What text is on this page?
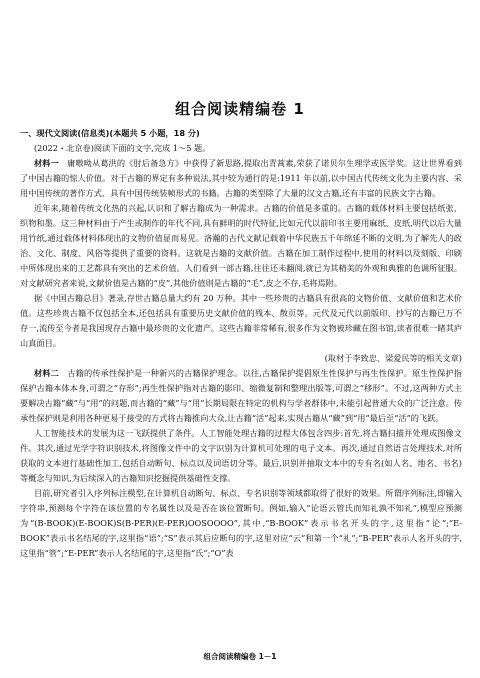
组合阅读精编卷 1
一、现代文阅读(信息类)(本题共 5 小题，18 分)

(2022・北京卷)阅读下面的文字,完成 1～5 题。

材料一　 庸嗷呦从葛洪的《肘后备急方》中获得了新思路,提取出青蒿素,荣获了诺贝尔生理学或医学奖。这让世界看到了中国古籍的惊人价值。对于古籍的界定有多种说法,其中较为通行的是:1911 年以前,以中国古代传统文化为主要内容、采用中国传统的著作方式、具有中国传统装帧形式的书籍。古籍的类型除了大量的汉文古籍,还有丰富的民族文字古籍。

近年来,随着传统文化热的兴起,认识和了解古籍成为一种需求。古籍的价值是多重的。古籍的载体材料主要包括纸张、织物和墨。这三种材料由于产生或制作的年代不同,具有鲜明的时代特征,比如元代以前印书主要用麻纸、皮纸,明代以后大量用竹纸,通过载体材料体现出的文物价值显而易见。洛瀚的古代文献记载着中华民族五千年绵延不断的文明,为了解先人的政治、文化、制度、风俗等提供了重要的资料。这就是古籍的文献价值。古籍在加工制作过程中,使用的材料以及刻版、印刷中所体现出来的工艺都具有突出的艺术价值。人们看到一部古籍,往往还未翻阅,就已为其精美的外观和典雅的色调所征服。对文献研究者来说,文献价值是古籍的“皮”,其他价值则是古籍的“毛”,皮之不存,毛将焉附。

据《中国古籍总目》著录,存世古籍总量大约有 20 万种。其中一些珍贵的古籍具有很高的文物价值、文献价值和艺术价值。这些珍贵古籍不仅包括全本,还包括具有重要历史文献价值的残本、散页等。元代及元代以前版印、抄写的古籍已万不存一,流传至今者是我国现存古籍中最珍贵的文化遗产。这些古籍非常稀有,很多作为文物被珍藏在图书馆,读者很难一睹其庐山真面目。

(取材于李致忠、梁爱民等的相关文章)

材料二　 古籍的传承性保护是一种新兴的古籍保护理念。以往,古籍保护提倡原生性保护与再生性保护。原生性保护指保护古籍本体本身,可谓之“存形”;再生性保护指对古籍的影印、缩微复制和整理出版等,可谓之“移形”。不过,这两种方式主要解决古籍“藏”与“用”的问题,而古籍的“藏”与“用”长期局限在特定的机构与学者群体中,未能引起普通大众的广泛注意。传承性保护则是利用各种更易于接受的方式将古籍推向大众,让古籍“活”起来,实现古籍从“藏”到“用”最后至“活”的飞跃。

人工智能技术的发展为这一飞跃提供了条件。人工智能处理古籍的过程大体包含四步:首先,将古籍扫描并处理成图像文件。其次,通过光学字符识别技术,将图像文件中的文字识别为计算机可处理的电子文本。再次,通过自然语言处理技术,对所获取的文本进行基础性加工,包括自动断句、标点以及词语切分等。最后,识别并抽取文本中的专有名(如人名、地名、书名)等概念与知识,为后续深入的古籍知识挖掘提供基础性支撑。

目前,研究者引入序列标注模型,在计算机自动断句、标点、专名识别等领域都取得了很好的效果。所谓序列标注,即输入字符串,预测每个字符在该位置的专名属性以及是否在该位置断句。例如,输入“论语云管氏而知礼孰不知礼”,模型应预测为“(B-BOOK)(E-BOOK)S(B-PER)(E-PER)OOSOOOO”,其中,“B-BOOK”表示书名开头的字,这里指“论”;“E-BOOK”表示书名结尾的字,这里指“语”;“S”表示其后应断句的字,这里对应“云”和第一个“礼”;“B-PER”表示人名开头的字,这里指“管”;“E-PER”表示人名结尾的字,这里指“氏”;“O”表

组合阅读精编卷 1－1
